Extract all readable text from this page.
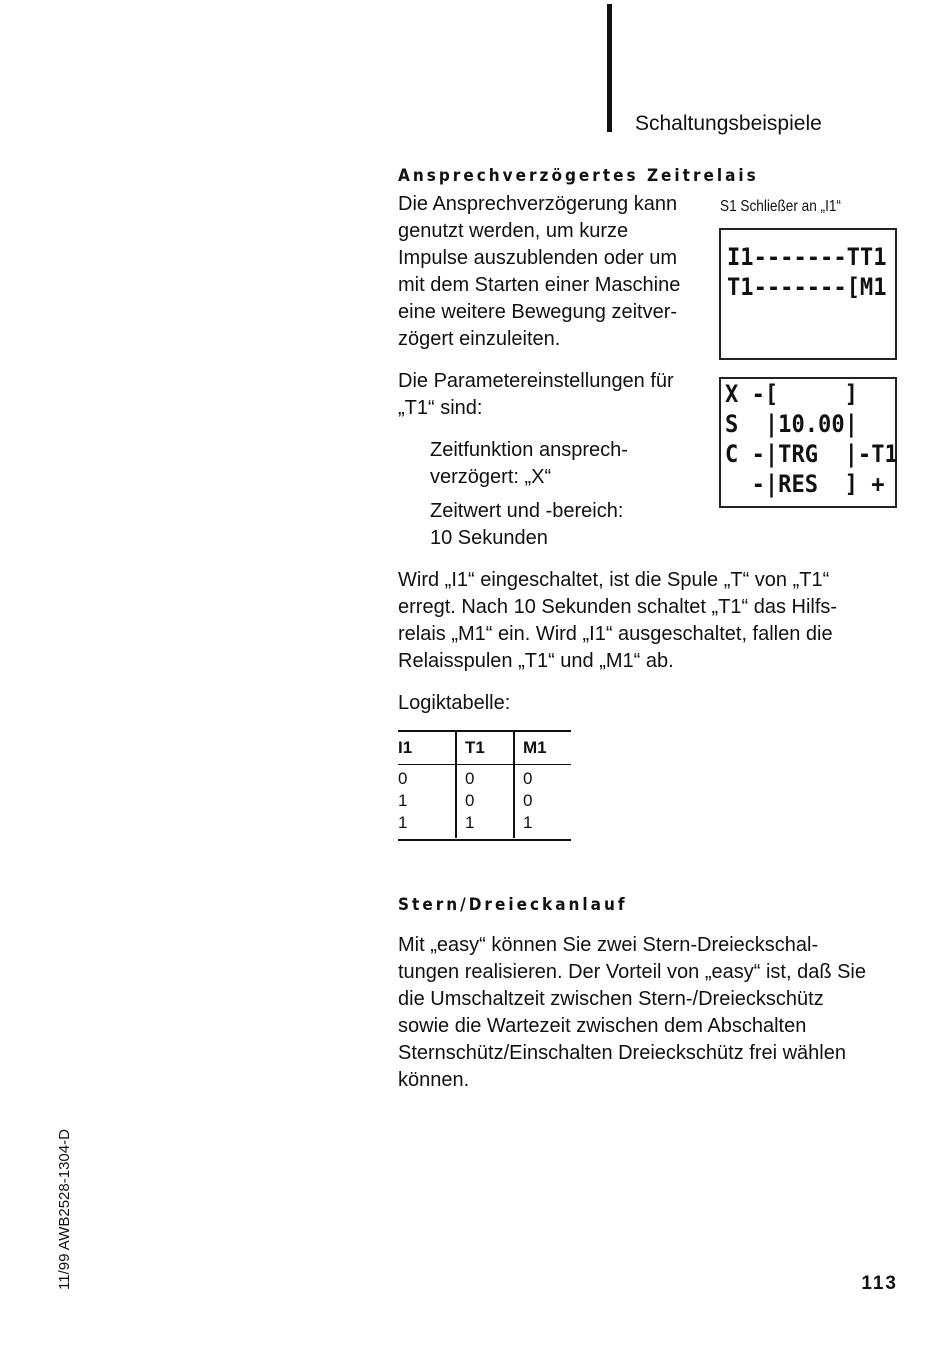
Schaltungsbeispiele
Ansprechverzögertes Zeitrelais
Die Ansprechverzögerung kann
genutzt werden, um kurze
Impulse auszublenden oder um
mit dem Starten einer Maschine
eine weitere Bewegung zeitver-
zögert einzuleiten.
Die Parametereinstellungen für
„T1“ sind:
Zeitfunktion ansprech-
verzögert: „X“
Zeitwert und -bereich:
10 Sekunden
S1 Schließer an „I1“
I1-------TT1
T1-------[M1
X -[     ]
S  |10.00|
C -|TRG  |-T1
-|RES  ] +
Wird „I1“ eingeschaltet, ist die Spule „T“ von „T1“
erregt. Nach 10 Sekunden schaltet „T1“ das Hilfs-
relais „M1“ ein. Wird „I1“ ausgeschaltet, fallen die
Relaisspulen „T1“ und „M1“ ab.
Logiktabelle:
I1	T1 M1
0	0	0
1	0	0
1	1	1
Stern/Dreieckanlauf
Mit „easy“ können Sie zwei Stern-Dreieckschal-
tungen realisieren. Der Vorteil von „easy“ ist, daß Sie
die Umschaltzeit zwischen Stern-/Dreieckschütz
sowie die Wartezeit zwischen dem Abschalten
Sternschütz/Einschalten Dreieckschütz frei wählen
können.
11/99 AWB2528-1304-D	113
